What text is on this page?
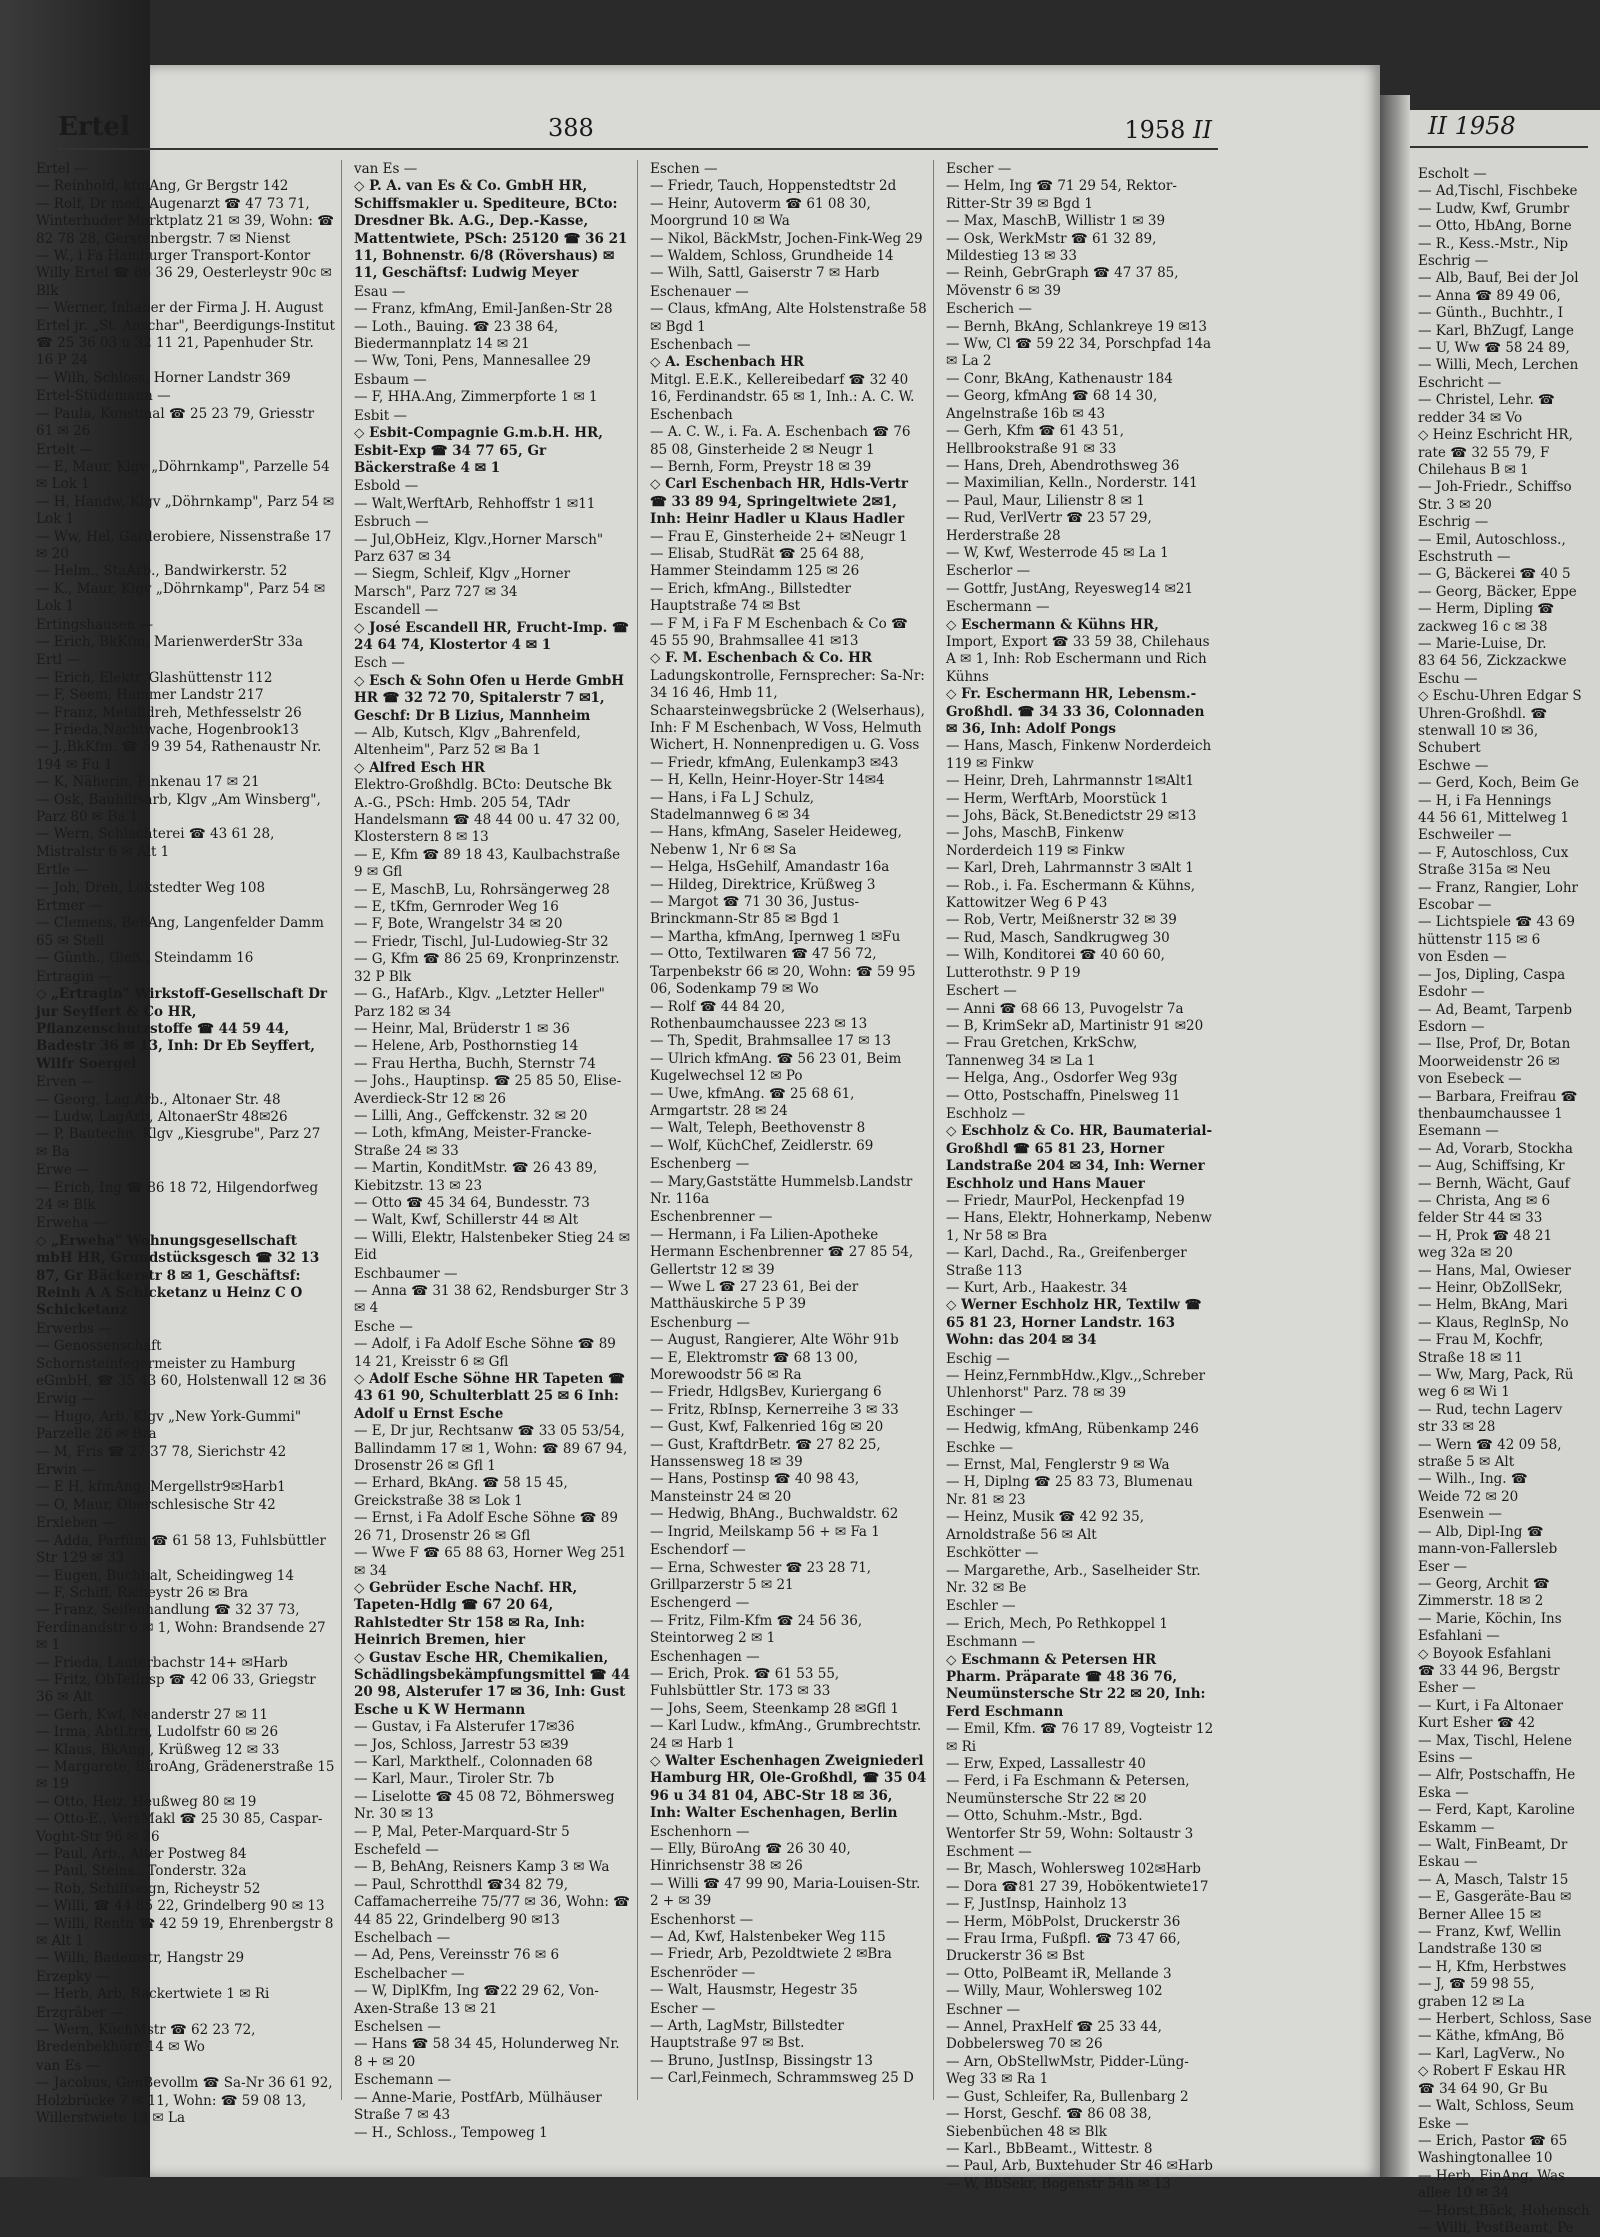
Ertel	388	1958 II

Ertel —

— Reinhold, kfmAng, Gr Bergstr 142

— Rolf, Dr med, Augenarzt ☎ 47 73 71, Winterhuder Marktplatz 21 ✉ 39, Wohn: ☎ 82 78 28, Gerstenbergstr. 7 ✉ Nienst

— W., i Fa Hamburger Transport-Kontor Willy Ertel ☎ 86 36 29, Oesterleystr 90c ✉ Blk

— Werner, Inhaber der Firma J. H. August Ertel jr. „St. Anschar", Beerdigungs-Institut ☎ 25 36 03 u 32 11 21, Papenhuder Str. 16 P 24

— Wilh, Schloss, Horner Landstr 369

Ertel-Stüdemann —

— Paula, Kunstmal ☎ 25 23 79, Griesstr 61 ✉ 26

Ertelt —

— E, Maur, Klgv „Döhrnkamp", Parzelle 54 ✉ Lok 1

— H, Handw, Klgv „Döhrnkamp", Parz 54 ✉ Lok 1

— Ww, Hel, Garderobiere, Nissenstraße 17 ✉ 20

— Helm., StaArb., Bandwirkerstr. 52

— K., Maur, Klgv „Döhrnkamp", Parz 54 ✉ Lok 1

Ertingshausen —

— Erich, BkKfm, MarienwerderStr 33a

Ertl —

— Erich, Elektr, Glashüttenstr 112

— F, Seem, Hammer Landstr 217

— Franz, Metalldreh, Methfesselstr 26

— Frieda,Nachtwache, Hogenbrook13

— J.,BkKfm. ☎ 59 39 54, Rathenaustr Nr. 194 ✉ Fu 1

— K, Näherin, Finkenau 17 ✉ 21

— Osk, Bauhilfsarb, Klgv „Am Winsberg", Parz 80 ✉ Ba 1

— Wern, Schlachterei ☎ 43 61 28, Mistralstr 6 ✉ Alt 1

Ertle —

— Joh, Dreh, Lokstedter Weg 108

Ertmer —

— Clemens, BehAng, Langenfelder Damm 65 ✉ Stell

— Günth., Gieß., Steindamm 16

Ertragin —

◇ „Ertragin" Wirkstoff-Gesellschaft Dr jur Seyffert & Co HR, Pflanzenschutzstoffe ☎ 44 59 44, Badestr 36 ✉ 13, Inh: Dr Eb Seyffert, Wilfr Soergel

Erven —

— Georg, Lag.Arb., Altonaer Str. 48

— Ludw, LagArb, AltonaerStr 48✉26

— P, Bautechn, Klgv „Kiesgrube", Parz 27 ✉ Ba

Erwe —

— Erich, Ing ☎ 86 18 72, Hilgendorfweg 24 ✉ Blk

Erweha —

◇ „Erweha" Wohnungsgesellschaft mbH HR, Grundstücksgesch ☎ 32 13 87, Gr Bäckerstr 8 ✉ 1, Geschäftsf: Reinh A A Schicketanz u Heinz C O Schicketanz

Erwerbs —

— Genossenschaft Schornsteinfegermeister zu Hamburg eGmbH, ☎ 35 43 60, Holstenwall 12 ✉ 36

Erwig —

— Hugo, Arb, Klgv „New York-Gummi" Parzelle 26 ✉ Bra

— M, Fris ☎ 27 37 78, Sierichstr 42

Erwin —

— E H, kfmAng, Mergellstr9✉Harb1

— O, Maur, Oberschlesische Str 42

Erxleben —

— Adda, Parfüm ☎ 61 58 13, Fuhlsbüttler Str 129 ✉ 33

— Eugen, Buchhalt, Scheidingweg 14

— F, Schiff, Richeystr 26 ✉ Bra

— Franz, Seifenhandlung ☎ 32 37 73, Ferdinandstr 6 ✉ 1, Wohn: Brandsende 27 ✉ 1

— Frieda, Lauterbachstr 14+ ✉Harb

— Fritz, ObTelInsp ☎ 42 06 33, Griegstr 36 ✉ Alt

— Gerh, Kwf, Neanderstr 27 ✉ 11

— Irma, AbtLtrn, Ludolfstr 60 ✉ 26

— Klaus, BkAng., Krüßweg 12 ✉ 33

— Margarete, BüroAng, Grädenerstraße 15 ✉ 19

— Otto, Heiz, Heußweg 80 ✉ 19

— Otto-E., VersMakl ☎ 25 30 85, Caspar-Voght-Str 96 ✉ 26

— Paul, Arb., Alter Postweg 84

— Paul, Steins., Tonderstr. 32a

— Rob, Schiffseign, Richeystr 52

— Willi, ☎ 44 85 22, Grindelberg 90 ✉ 13

— Willi, Rentn ☎ 42 59 19, Ehrenbergstr 8 ✉ Alt 1

— Wilh, Bademstr, Hangstr 29

Erzepky —

— Herb, Arb, Rackertwiete 1 ✉ Ri

Erzgräber —

— Wern, KüchMstr ☎ 62 23 72, Bredenbekhörn 14 ✉ Wo

van Es —

— Jacobus, GenBevollm ☎ Sa-Nr 36 61 92, Holzbrücke 7 ✉ 11, Wohn: ☎ 59 08 13, Willerstwiete 13 ✉ La

van Es —

◇ P. A. van Es & Co. GmbH HR, Schiffsmakler u. Spediteure, BCto: Dresdner Bk. A.G., Dep.-Kasse, Mattentwiete, PSch: 25120 ☎ 36 21 11, Bohnenstr. 6/8 (Rövershaus) ✉ 11, Geschäftsf: Ludwig Meyer

Esau —

— Franz, kfmAng, Emil-Janßen-Str 28

— Loth., Bauing. ☎ 23 38 64, Biedermannplatz 14 ✉ 21

— Ww, Toni, Pens, Mannesallee 29

Esbaum —

— F, HHA.Ang, Zimmerpforte 1 ✉ 1

Esbit —

◇ Esbit-Compagnie G.m.b.H. HR, Esbit-Exp ☎ 34 77 65, Gr Bäckerstraße 4 ✉ 1

Esbold —

— Walt,WerftArb, Rehhoffstr 1 ✉11

Esbruch —

— Jul,ObHeiz, Klgv.,Horner Marsch" Parz 637 ✉ 34

— Siegm, Schleif, Klgv „Horner Marsch", Parz 727 ✉ 34

Escandell —

◇ José Escandell HR, Frucht-Imp. ☎ 24 64 74, Klostertor 4 ✉ 1

Esch —

◇ Esch & Sohn Ofen u Herde GmbH HR ☎ 32 72 70, Spitalerstr 7 ✉1, Geschf: Dr B Lizius, Mannheim

— Alb, Kutsch, Klgv „Bahrenfeld, Altenheim", Parz 52 ✉ Ba 1

◇ Alfred Esch HR

Elektro-Großhdlg. BCto: Deutsche Bk A.-G., PSch: Hmb. 205 54, TAdr Handelsmann ☎ 48 44 00 u. 47 32 00, Klosterstern 8 ✉ 13

— E, Kfm ☎ 89 18 43, Kaulbachstraße 9 ✉ Gfl

— E, MaschB, Lu, Rohrsängerweg 28

— E, tKfm, Gernroder Weg 16

— F, Bote, Wrangelstr 34 ✉ 20

— Friedr, Tischl, Jul-Ludowieg-Str 32

— G, Kfm ☎ 86 25 69, Kronprinzenstr. 32 P Blk

— G., HafArb., Klgv. „Letzter Heller" Parz 182 ✉ 34

— Heinr, Mal, Brüderstr 1 ✉ 36

— Helene, Arb, Posthornstieg 14

— Frau Hertha, Buchh, Sternstr 74

— Johs., Hauptinsp. ☎ 25 85 50, Elise-Averdieck-Str 12 ✉ 26

— Lilli, Ang., Geffckenstr. 32 ✉ 20

— Loth, kfmAng, Meister-Francke-Straße 24 ✉ 33

— Martin, KonditMstr. ☎ 26 43 89, Kiebitzstr. 13 ✉ 23

— Otto ☎ 45 34 64, Bundesstr. 73

— Walt, Kwf, Schillerstr 44 ✉ Alt

— Willi, Elektr, Halstenbeker Stieg 24 ✉ Eid

Eschbaumer —

— Anna ☎ 31 38 62, Rendsburger Str 3 ✉ 4

Esche —

— Adolf, i Fa Adolf Esche Söhne ☎ 89 14 21, Kreisstr 6 ✉ Gfl

◇ Adolf Esche Söhne HR Tapeten ☎ 43 61 90, Schulterblatt 25 ✉ 6 Inh: Adolf u Ernst Esche

— E, Dr jur, Rechtsanw ☎ 33 05 53/54, Ballindamm 17 ✉ 1, Wohn: ☎ 89 67 94, Drosenstr 26 ✉ Gfl 1

— Erhard, BkAng. ☎ 58 15 45, Greickstraße 38 ✉ Lok 1

— Ernst, i Fa Adolf Esche Söhne ☎ 89 26 71, Drosenstr 26 ✉ Gfl

— Wwe F ☎ 65 88 63, Horner Weg 251 ✉ 34

◇ Gebrüder Esche Nachf. HR, Tapeten-Hdlg ☎ 67 20 64, Rahlstedter Str 158 ✉ Ra, Inh: Heinrich Bremen, hier

◇ Gustav Esche HR, Chemikalien, Schädlingsbekämpfungsmittel ☎ 44 20 98, Alsterufer 17 ✉ 36, Inh: Gust Esche u K W Hermann

— Gustav, i Fa Alsterufer 17✉36

— Jos, Schloss, Jarrestr 53 ✉39

— Karl, Markthelf., Colonnaden 68

— Karl, Maur., Tiroler Str. 7b

— Liselotte ☎ 45 08 72, Böhmersweg Nr. 30 ✉ 13

— P, Mal, Peter-Marquard-Str 5

Eschefeld —

— B, BehAng, Reisners Kamp 3 ✉ Wa

— Paul, Schrotthdl ☎34 82 79, Caffamacherreihe 75/77 ✉ 36, Wohn: ☎ 44 85 22, Grindelberg 90 ✉13

Eschelbach —

— Ad, Pens, Vereinsstr 76 ✉ 6

Eschelbacher —

— W, DiplKfm, Ing ☎22 29 62, Von-Axen-Straße 13 ✉ 21

Eschelsen —

— Hans ☎ 58 34 45, Holunderweg Nr. 8 + ✉ 20

Eschemann —

— Anne-Marie, PostfArb, Mülhäuser Straße 7 ✉ 43

— H., Schloss., Tempoweg 1

Eschen —

— Friedr, Tauch, Hoppenstedtstr 2d

— Heinr, Autoverm ☎ 61 08 30, Moorgrund 10 ✉ Wa

— Nikol, BäckMstr, Jochen-Fink-Weg 29

— Waldem, Schloss, Grundheide 14

— Wilh, Sattl, Gaiserstr 7 ✉ Harb

Eschenauer —

— Claus, kfmAng, Alte Holstenstraße 58 ✉ Bgd 1

Eschenbach —

◇ A. Eschenbach HR

Mitgl. E.E.K., Kellereibedarf ☎ 32 40 16, Ferdinandstr. 65 ✉ 1, Inh.: A. C. W. Eschenbach

— A. C. W., i. Fa. A. Eschenbach ☎ 76 85 08, Ginsterheide 2 ✉ Neugr 1

— Bernh, Form, Preystr 18 ✉ 39

◇ Carl Eschenbach HR, Hdls-Vertr ☎ 33 89 94, Springeltwiete 2✉1, Inh: Heinr Hadler u Klaus Hadler

— Frau E, Ginsterheide 2+ ✉Neugr 1

— Elisab, StudRät ☎ 25 64 88, Hammer Steindamm 125 ✉ 26

— Erich, kfmAng., Billstedter Hauptstraße 74 ✉ Bst

— F M, i Fa F M Eschenbach & Co ☎ 45 55 90, Brahmsallee 41 ✉13

◇ F. M. Eschenbach & Co. HR

Ladungskontrolle, Fernsprecher: Sa-Nr: 34 16 46, Hmb 11, Schaarsteinwegsbrücke 2 (Welserhaus), Inh: F M Eschenbach, W Voss, Helmuth Wichert, H. Nonnenpredigen u. G. Voss

— Friedr, kfmAng, Eulenkamp3 ✉43

— H, Kelln, Heinr-Hoyer-Str 14✉4

— Hans, i Fa L J Schulz, Stadelmannweg 6 ✉ 34

— Hans, kfmAng, Saseler Heideweg, Nebenw 1, Nr 6 ✉ Sa

— Helga, HsGehilf, Amandastr 16a

— Hildeg, Direktrice, Krüßweg 3

— Margot ☎ 71 30 36, Justus-Brinckmann-Str 85 ✉ Bgd 1

— Martha, kfmAng, Ipernweg 1 ✉Fu

— Otto, Textilwaren ☎ 47 56 72, Tarpenbekstr 66 ✉ 20, Wohn: ☎ 59 95 06, Sodenkamp 79 ✉ Wo

— Rolf ☎ 44 84 20, Rothenbaumchaussee 223 ✉ 13

— Th, Spedit, Brahmsallee 17 ✉ 13

— Ulrich kfmAng. ☎ 56 23 01, Beim Kugelwechsel 12 ✉ Po

— Uwe, kfmAng. ☎ 25 68 61, Armgartstr. 28 ✉ 24

— Walt, Teleph, Beethovenstr 8

— Wolf, KüchChef, Zeidlerstr. 69

Eschenberg —

— Mary,Gaststätte Hummelsb.Landstr Nr. 116a

Eschenbrenner —

— Hermann, i Fa Lilien-Apotheke Hermann Eschenbrenner ☎ 27 85 54, Gellertstr 12 ✉ 39

— Wwe L ☎ 27 23 61, Bei der Matthäuskirche 5 P 39

Eschenburg —

— August, Rangierer, Alte Wöhr 91b

— E, Elektromstr ☎ 68 13 00, Morewoodstr 56 ✉ Ra

— Friedr, HdlgsBev, Kuriergang 6

— Fritz, RbInsp, Kernerreihe 3 ✉ 33

— Gust, Kwf, Falkenried 16g ✉ 20

— Gust, KraftdrBetr. ☎ 27 82 25, Hanssensweg 18 ✉ 39

— Hans, Postinsp ☎ 40 98 43, Mansteinstr 24 ✉ 20

— Hedwig, BhAng., Buchwaldstr. 62

— Ingrid, Meilskamp 56 + ✉ Fa 1

Eschendorf —

— Erna, Schwester ☎ 23 28 71, Grillparzerstr 5 ✉ 21

Eschengerd —

— Fritz, Film-Kfm ☎ 24 56 36, Steintorweg 2 ✉ 1

Eschenhagen —

— Erich, Prok. ☎ 61 53 55, Fuhlsbüttler Str. 173 ✉ 33

— Johs, Seem, Steenkamp 28 ✉Gfl 1

— Karl Ludw., kfmAng., Grumbrechtstr. 24 ✉ Harb 1

◇ Walter Eschenhagen Zweigniederl Hamburg HR, Ole-Großhdl, ☎ 35 04 96 u 34 81 04, ABC-Str 18 ✉ 36, Inh: Walter Eschenhagen, Berlin

Eschenhorn —

— Elly, BüroAng ☎ 26 30 40, Hinrichsenstr 38 ✉ 26

— Willi ☎ 47 99 90, Maria-Louisen-Str. 2 + ✉ 39

Eschenhorst —

— Ad, Kwf, Halstenbeker Weg 115

— Friedr, Arb, Pezoldtwiete 2 ✉Bra

Eschenröder —

— Walt, Hausmstr, Hegestr 35

Escher —

— Arth, LagMstr, Billstedter Hauptstraße 97 ✉ Bst.

— Bruno, JustInsp, Bissingstr 13

— Carl,Feinmech, Schrammsweg 25 D

Escher —

— Helm, Ing ☎ 71 29 54, Rektor-Ritter-Str 39 ✉ Bgd 1

— Max, MaschB, Willistr 1 ✉ 39

— Osk, WerkMstr ☎ 61 32 89, Mildestieg 13 ✉ 33

— Reinh, GebrGraph ☎ 47 37 85, Mövenstr 6 ✉ 39

Escherich —

— Bernh, BkAng, Schlankreye 19 ✉13

— Ww, Cl ☎ 59 22 34, Porschpfad 14a ✉ La 2

— Conr, BkAng, Kathenaustr 184

— Georg, kfmAng ☎ 68 14 30, Angelnstraße 16b ✉ 43

— Gerh, Kfm ☎ 61 43 51, Hellbrookstraße 91 ✉ 33

— Hans, Dreh, Abendrothsweg 36

— Maximilian, Kelln., Norderstr. 141

— Paul, Maur, Lilienstr 8 ✉ 1

— Rud, VerlVertr ☎ 23 57 29, Herderstraße 28

— W, Kwf, Westerrode 45 ✉ La 1

Escherlor —

— Gottfr, JustAng, Reyesweg14 ✉21

Eschermann —

◇ Eschermann & Kühns HR,

Import, Export ☎ 33 59 38, Chilehaus A ✉ 1, Inh: Rob Eschermann und Rich Kühns

◇ Fr. Eschermann HR, Lebensm.-Großhdl. ☎ 34 33 36, Colonnaden ✉ 36, Inh: Adolf Pongs

— Hans, Masch, Finkenw Norderdeich 119 ✉ Finkw

— Heinr, Dreh, Lahrmannstr 1✉Alt1

— Herm, WerftArb, Moorstück 1

— Johs, Bäck, St.Benedictstr 29 ✉13

— Johs, MaschB, Finkenw Norderdeich 119 ✉ Finkw

— Karl, Dreh, Lahrmannstr 3 ✉Alt 1

— Rob., i. Fa. Eschermann & Kühns, Kattowitzer Weg 6 P 43

— Rob, Vertr, Meißnerstr 32 ✉ 39

— Rud, Masch, Sandkrugweg 30

— Wilh, Konditorei ☎ 40 60 60, Lutterothstr. 9 P 19

Eschert —

— Anni ☎ 68 66 13, Puvogelstr 7a

— B, KrimSekr aD, Martinistr 91 ✉20

— Frau Gretchen, KrkSchw, Tannenweg 34 ✉ La 1

— Helga, Ang., Osdorfer Weg 93g

— Otto, Postschaffn, Pinelsweg 11

Eschholz —

◇ Eschholz & Co. HR, Baumaterial-Großhdl ☎ 65 81 23, Horner Landstraße 204 ✉ 34, Inh: Werner Eschholz und Hans Mauer

— Friedr, MaurPol, Heckenpfad 19

— Hans, Elektr, Hohnerkamp, Nebenw 1, Nr 58 ✉ Bra

— Karl, Dachd., Ra., Greifenberger Straße 113

— Kurt, Arb., Haakestr. 34

◇ Werner Eschholz HR, Textilw ☎ 65 81 23, Horner Landstr. 163 Wohn: das 204 ✉ 34

Eschig —

— Heinz,FernmbHdw.,Klgv.,,Schreber Uhlenhorst" Parz. 78 ✉ 39

Eschinger —

— Hedwig, kfmAng, Rübenkamp 246

Eschke —

— Ernst, Mal, Fenglerstr 9 ✉ Wa

— H, Diplng ☎ 25 83 73, Blumenau Nr. 81 ✉ 23

— Heinz, Musik ☎ 42 92 35, Arnoldstraße 56 ✉ Alt

Eschkötter —

— Margarethe, Arb., Saselheider Str. Nr. 32 ✉ Be

Eschler —

— Erich, Mech, Po Rethkoppel 1

Eschmann —

◇ Eschmann & Petersen HR Pharm. Präparate ☎ 48 36 76, Neumünstersche Str 22 ✉ 20, Inh: Ferd Eschmann

— Emil, Kfm. ☎ 76 17 89, Vogteistr 12 ✉ Ri

— Erw, Exped, Lassallestr 40

— Ferd, i Fa Eschmann & Petersen, Neumünstersche Str 22 ✉ 20

— Otto, Schuhm.-Mstr., Bgd. Wentorfer Str 59, Wohn: Soltaustr 3

Eschment —

— Br, Masch, Wohlersweg 102✉Harb

— Dora ☎81 27 39, Hobökentwiete17

— F, JustInsp, Hainholz 13

— Herm, MöbPolst, Druckerstr 36

— Frau Irma, Fußpfl. ☎ 73 47 66, Druckerstr 36 ✉ Bst

— Otto, PolBeamt iR, Mellande 3

— Willy, Maur, Wohlersweg 102

Eschner —

— Annel, PraxHelf ☎ 25 33 44, Dobbelersweg 70 ✉ 26

— Arn, ObStellwMstr, Pidder-Lüng-Weg 33 ✉ Ra 1

— Gust, Schleifer, Ra, Bullenbarg 2

— Horst, Geschf. ☎ 86 08 38, Siebenbüchen 48 ✉ Blk

— Karl., BbBeamt., Wittestr. 8

— Paul, Arb, Buxtehuder Str 46 ✉Harb

— W, BbSekr, Bogenstr 54h ✉ 13

II 1958

Escholt —

— Ad,Tischl, Fischbeke

— Ludw, Kwf, Grumbr

— Otto, HbAng, Borne

— R., Kess.-Mstr., Nip

Eschrig —

— Alb, Bauf, Bei der Jol

— Anna ☎ 89 49 06,

— Günth., Buchhtr., I

— Karl, BhZugf, Lange

— U, Ww ☎ 58 24 89,

— Willi, Mech, Lerchen

Eschricht —

— Christel, Lehr. ☎

redder 34 ✉ Vo

◇ Heinz Eschricht HR,

rate ☎ 32 55 79, F

Chilehaus B ✉ 1

— Joh-Friedr., Schiffso

Str. 3 ✉ 20

Eschrig —

— Emil, Autoschloss.,

Eschstruth —

— G, Bäckerei ☎ 40 5

— Georg, Bäcker, Eppe

— Herm, Dipling ☎

zackweg 16 c ✉ 38

— Marie-Luise, Dr.

83 64 56, Zickzackwe

Eschu —

◇ Eschu-Uhren Edgar S

Uhren-Großhdl. ☎

stenwall 10 ✉ 36,

Schubert

Eschwe —

— Gerd, Koch, Beim Ge

— H, i Fa Hennings

44 56 61, Mittelweg 1

Eschweiler —

— F, Autoschloss, Cux

Straße 315a ✉ Neu

— Franz, Rangier, Lohr

Escobar —

— Lichtspiele ☎ 43 69

hüttenstr 115 ✉ 6

von Esden —

— Jos, Dipling, Caspa

Esdohr —

— Ad, Beamt, Tarpenb

Esdorn —

— Ilse, Prof, Dr, Botan

Moorweidenstr 26 ✉

von Esebeck —

— Barbara, Freifrau ☎

thenbaumchaussee 1

Esemann —

— Ad, Vorarb, Stockha

— Aug, Schiffsing, Kr

— Bernh, Wächt, Gauf

— Christa, Ang ✉ 6

felder Str 44 ✉ 33

— H, Prok ☎ 48 21

weg 32a ✉ 20

— Hans, Mal, Owieser

— Heinr, ObZollSekr,

— Helm, BkAng, Mari

— Klaus, ReglnSp, No

— Frau M, Kochfr,

Straße 18 ✉ 11

— Ww, Marg, Pack, Rü

weg 6 ✉ Wi 1

— Rud, techn Lagerv

str 33 ✉ 28

— Wern ☎ 42 09 58,

straße 5 ✉ Alt

— Wilh., Ing. ☎

Weide 72 ✉ 20

Esenwein —

— Alb, Dipl-Ing ☎

mann-von-Fallersleb

Eser —

— Georg, Archit ☎

Zimmerstr. 18 ✉ 2

— Marie, Köchin, Ins

Esfahlani —

◇ Boyook Esfahlani

☎ 33 44 96, Bergstr

Esher —

— Kurt, i Fa Altonaer

Kurt Esher ☎ 42

— Max, Tischl, Helene

Esins —

— Alfr, Postschaffn, He

Eska —

— Ferd, Kapt, Karoline

Eskamm —

— Walt, FinBeamt, Dr

Eskau —

— A, Masch, Talstr 15

— E, Gasgeräte-Bau ✉

Berner Allee 15 ✉

— Franz, Kwf, Wellin

Landstraße 130 ✉

— H, Kfm, Herbstwes

— J, ☎ 59 98 55,

graben 12 ✉ La

— Herbert, Schloss, Sase

— Käthe, kfmAng, Bö

— Karl, LagVerw., No

◇ Robert F Eskau HR

☎ 34 64 90, Gr Bu

— Walt, Schloss, Seum

Eske —

— Erich, Pastor ☎ 65

Washingtonallee 10

— Herb, FinAng, Was

allee 10 ✉ 34

— Horst,Bäck, Hohensch

— Willi, PostBeamt, Pe
